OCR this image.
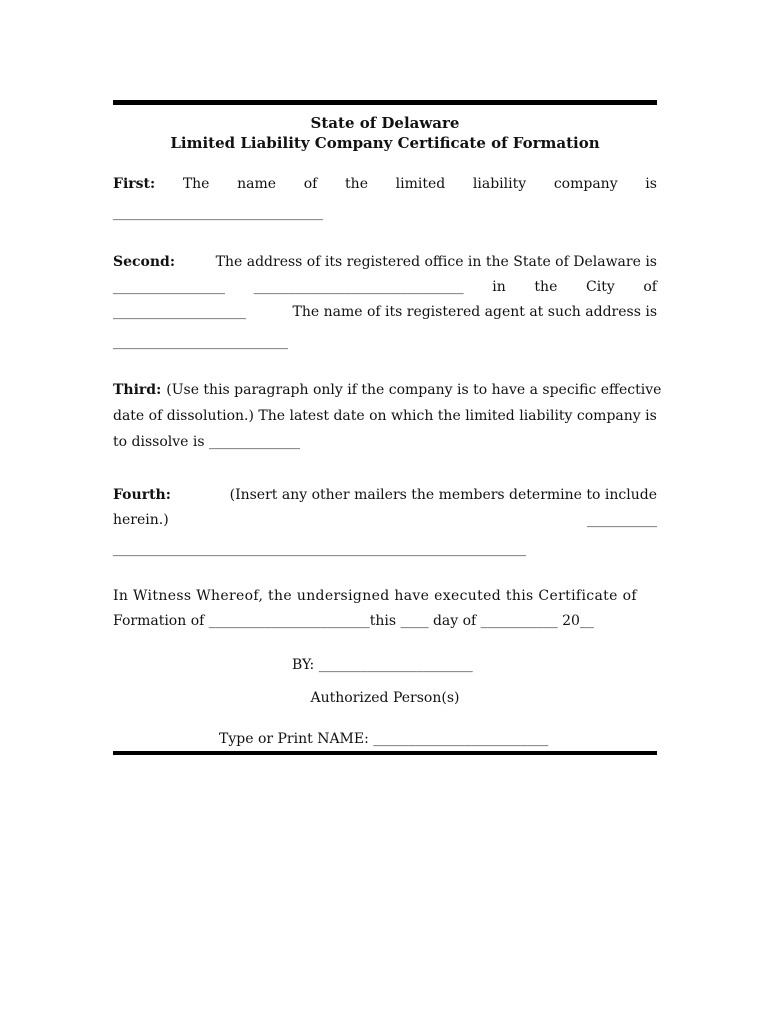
State of Delaware
Limited Liability Company Certificate of Formation
First: The name of the limited liability company is
______________________________
Second:	The address of its registered office in the State of Delaware is
________________ ______________________________ in the City of
___________________	The name of its registered agent at such address is
_________________________
Third: (Use this paragraph only if the company is to have a specific effective
date of dissolution.) The latest date on which the limited liability company is
to dissolve is _____________
Fourth:	(Insert any other mailers the members determine to include
herein.)	__________
___________________________________________________________
In Witness Whereof, the undersigned have executed this Certificate of
Formation of _______________________this ____ day of ___________ 20__
BY: ______________________
Authorized Person(s)
Type or Print NAME: _________________________
